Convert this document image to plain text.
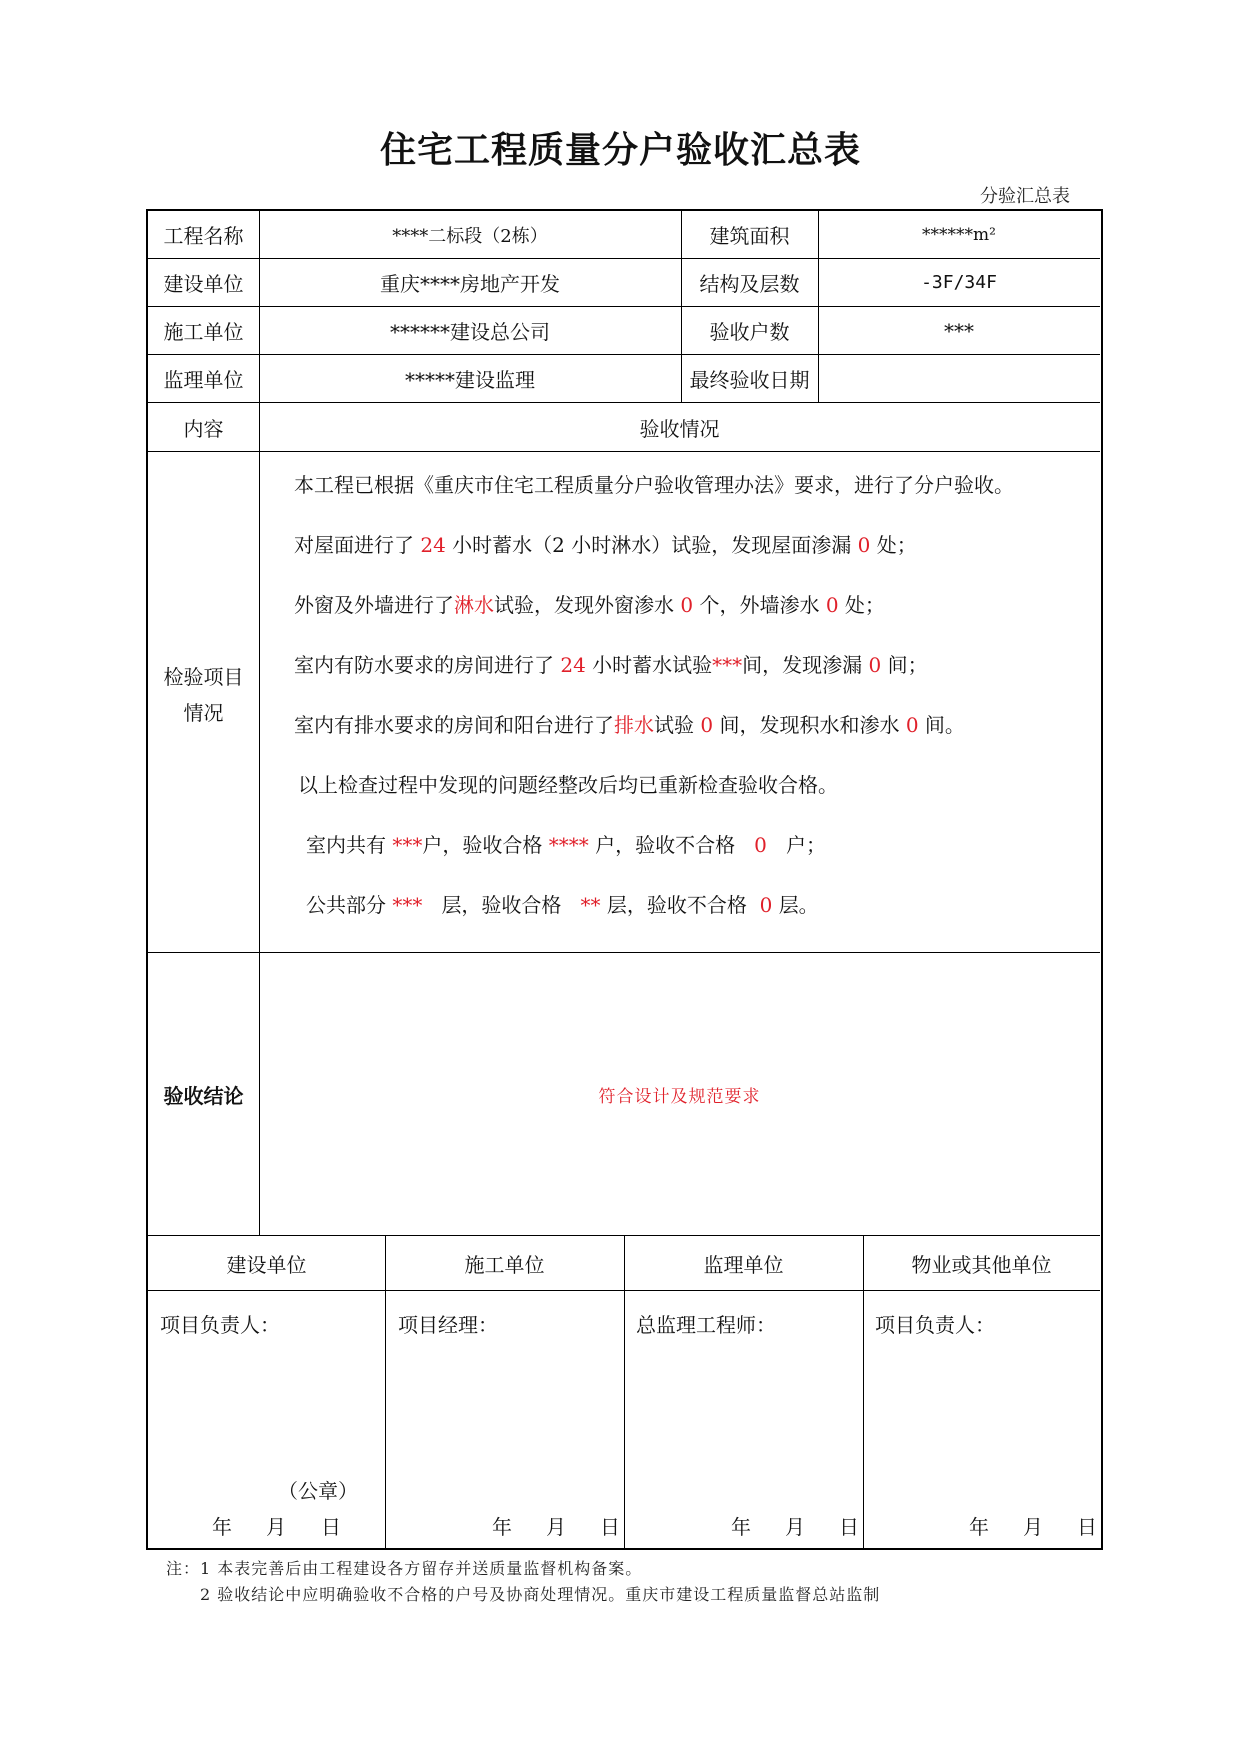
住宅工程质量分户验收汇总表
分验汇总表
工程名称	****二标段（2栋）	建筑面积	******m²
建设单位	重庆****房地产开发	结构及层数	-3F/34F
施工单位	******建设总公司	验收户数	***
监理单位	*****建设监理	最终验收日期
内容	验收情况
检验项目
情况
本工程已根据《重庆市住宅工程质量分户验收管理办法》要求，进行了分户验收。
对屋面进行了 24 小时蓄水（2 小时淋水）试验，发现屋面渗漏 0 处；
外窗及外墙进行了淋水试验，发现外窗渗水 0 个，外墙渗水 0 处；
室内有防水要求的房间进行了 24 小时蓄水试验***间，发现渗漏 0 间；
室内有排水要求的房间和阳台进行了排水试验 0 间，发现积水和渗水 0 间。
以上检查过程中发现的问题经整改后均已重新检查验收合格。
室内共有 ***户，验收合格 **** 户，验收不合格 0 户；
公共部分 *** 层，验收合格 ** 层，验收不合格 0 层。
验收结论	符合设计及规范要求
建设单位	施工单位	监理单位	物业或其他单位
项目负责人：	项目经理：	总监理工程师：	项目负责人：
（公章）
年 月 日	年 月 日	年 月 日	年 月 日
注：1 本表完善后由工程建设各方留存并送质量监督机构备案。
2 验收结论中应明确验收不合格的户号及协商处理情况。重庆市建设工程质量监督总站监制
